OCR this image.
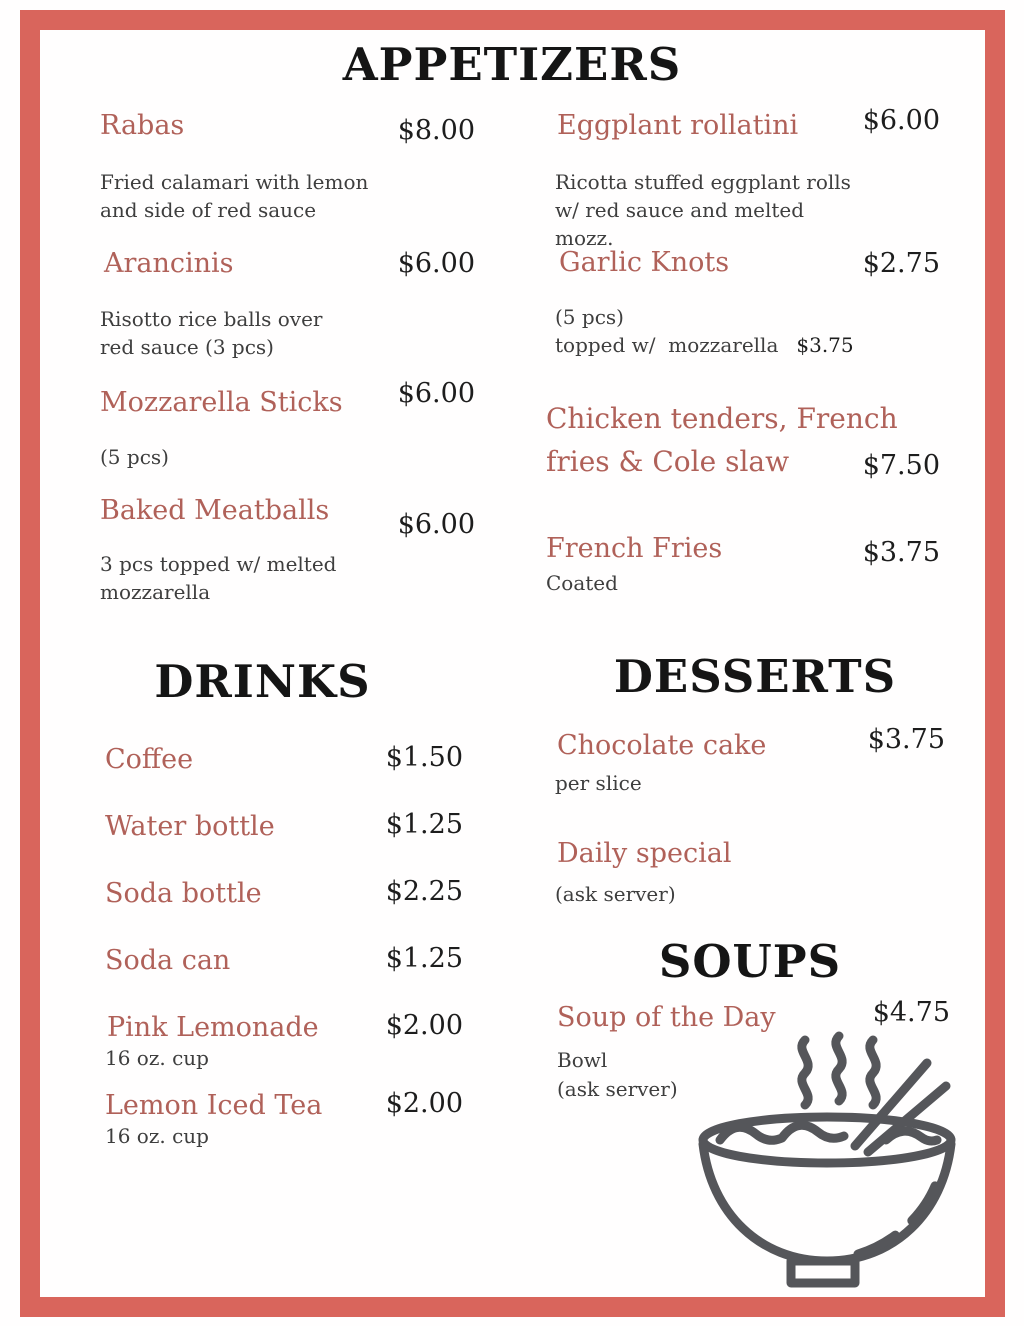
APPETIZERS
Rabas	$8.00
Fried calamari with lemon and side of red sauce
Arancinis	$6.00
Risotto rice balls over red sauce (3 pcs)
Mozzarella Sticks	$6.00
(5 pcs)
Baked Meatballs	$6.00
3 pcs topped w/ melted mozzarella
Eggplant rollatini	$6.00
Ricotta stuffed eggplant rolls w/ red sauce and melted mozz.
Garlic Knots	$2.75
(5 pcs)
topped w/  mozzarella $3.75
Chicken tenders, French fries & Cole slaw	$7.50
French Fries	$3.75
Coated
DRINKS
Coffee	$1.50
Water bottle	$1.25
Soda bottle	$2.25
Soda can	$1.25
Pink Lemonade	$2.00
16 oz. cup
Lemon Iced Tea	$2.00
16 oz. cup
DESSERTS
Chocolate cake	$3.75
per slice
Daily special
(ask server)
SOUPS
Soup of the Day	$4.75
Bowl
(ask server)
